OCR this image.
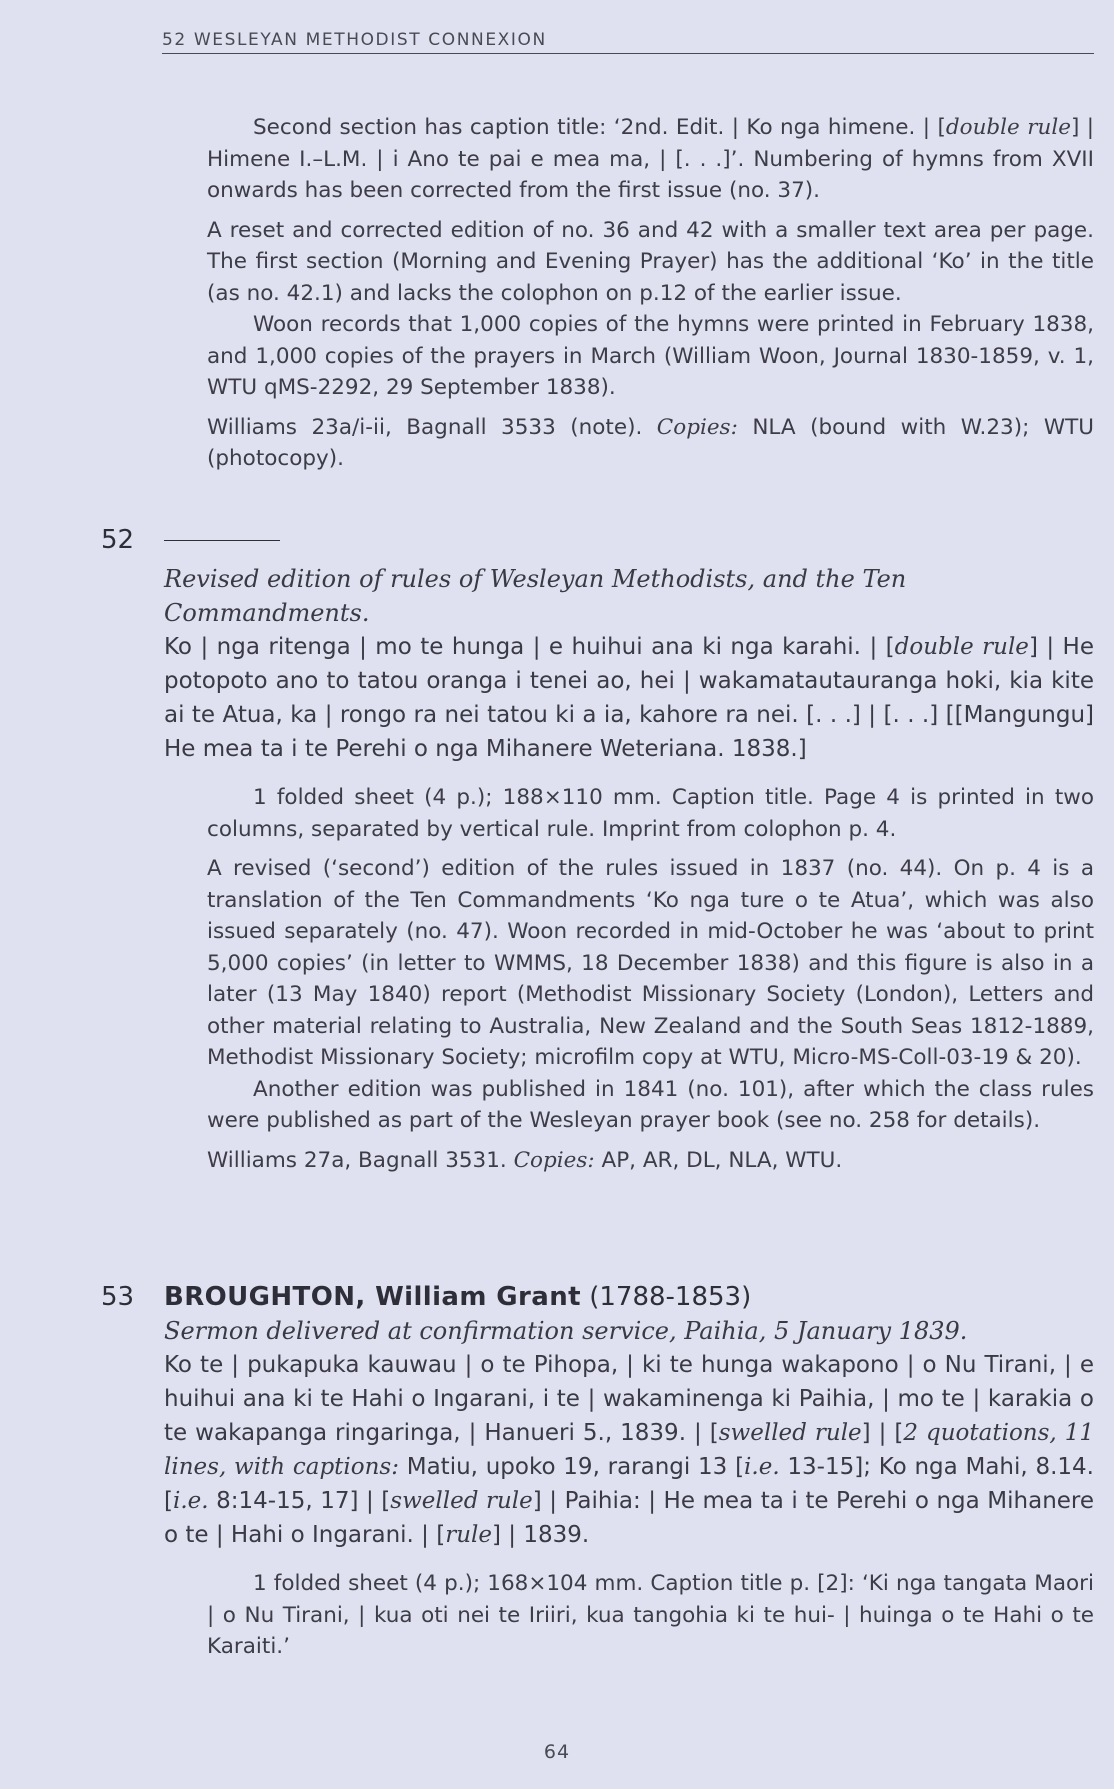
52 WESLEYAN METHODIST CONNEXION

Second section has caption title: ‘2nd. Edit. | Ko nga himene. | [double rule] | Himene I.–L.M. | i Ano te pai e mea ma, | [. . .]’. Numbering of hymns from XVII onwards has been corrected from the first issue (no. 37).

A reset and corrected edition of no. 36 and 42 with a smaller text area per page. The first section (Morning and Evening Prayer) has the additional ‘Ko’ in the title (as no. 42.1) and lacks the colophon on p.12 of the earlier issue.

Woon records that 1,000 copies of the hymns were printed in February 1838, and 1,000 copies of the prayers in March (William Woon, Journal 1830-1859, v. 1, WTU qMS-2292, 29 September 1838).

Williams 23a/i-ii, Bagnall 3533 (note). Copies: NLA (bound with W.23); WTU (photocopy).

52

Revised edition of rules of Wesleyan Methodists, and the Ten Commandments.

Ko | nga ritenga | mo te hunga | e huihui ana ki nga karahi. | [double rule] | He potopoto ano to tatou oranga i tenei ao, hei | wakamatautauranga hoki, kia kite ai te Atua, ka | rongo ra nei tatou ki a ia, kahore ra nei. [. . .] | [. . .] [[Mangungu] He mea ta i te Perehi o nga Mihanere Weteriana. 1838.]

1 folded sheet (4 p.); 188×110 mm. Caption title. Page 4 is printed in two columns, separated by vertical rule. Imprint from colophon p. 4.

A revised (‘second’) edition of the rules issued in 1837 (no. 44). On p. 4 is a translation of the Ten Commandments ‘Ko nga ture o te Atua’, which was also issued separately (no. 47). Woon recorded in mid-October he was ‘about to print 5,000 copies’ (in letter to WMMS, 18 December 1838) and this figure is also in a later (13 May 1840) report (Methodist Missionary Society (London), Letters and other material relating to Australia, New Zealand and the South Seas 1812-1889, Methodist Missionary Society; microfilm copy at WTU, Micro-MS-Coll-03-19 & 20).

Another edition was published in 1841 (no. 101), after which the class rules were published as part of the Wesleyan prayer book (see no. 258 for details).

Williams 27a, Bagnall 3531. Copies: AP, AR, DL, NLA, WTU.

53 BROUGHTON, William Grant (1788-1853)

Sermon delivered at confirmation service, Paihia, 5 January 1839.

Ko te | pukapuka kauwau | o te Pihopa, | ki te hunga wakapono | o Nu Tirani, | e huihui ana ki te Hahi o Ingarani, i te | wakaminenga ki Paihia, | mo te | karakia o te wakapanga ringaringa, | Hanueri 5., 1839. | [swelled rule] | [2 quotations, 11 lines, with captions: Matiu, upoko 19, rarangi 13 [i.e. 13-15]; Ko nga Mahi, 8.14. [i.e. 8:14-15, 17] | [swelled rule] | Paihia: | He mea ta i te Perehi o nga Mihanere o te | Hahi o Ingarani. | [rule] | 1839.

1 folded sheet (4 p.); 168×104 mm. Caption title p. [2]: ‘Ki nga tangata Maori | o Nu Tirani, | kua oti nei te Iriiri, kua tangohia ki te hui- | huinga o te Hahi o te Karaiti.’

64
